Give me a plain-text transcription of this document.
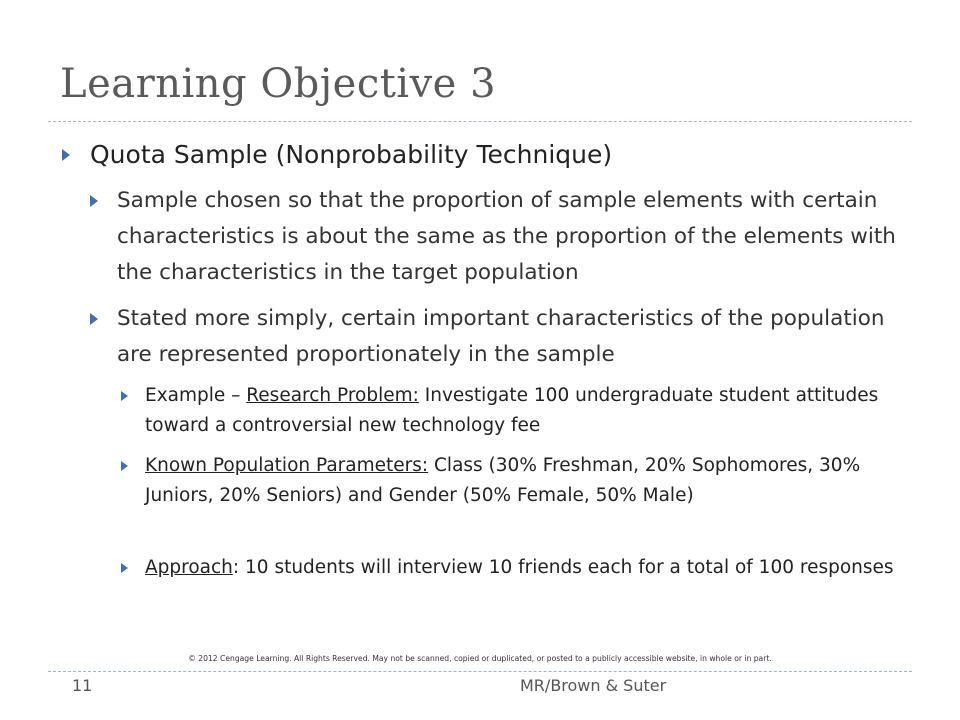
Learning Objective 3
Quota Sample (Nonprobability Technique)
Sample chosen so that the proportion of sample elements with certain characteristics is about the same as the proportion of the elements with the characteristics in the target population
Stated more simply, certain important characteristics of the population are represented proportionately in the sample
Example – Research Problem: Investigate 100 undergraduate student attitudes toward a controversial new technology fee
Known Population Parameters: Class (30% Freshman, 20% Sophomores, 30% Juniors, 20% Seniors) and Gender (50% Female, 50% Male)
Approach: 10 students will interview 10 friends each for a total of 100 responses
© 2012 Cengage Learning. All Rights Reserved. May not be scanned, copied or duplicated, or posted to a publicly accessible website, in whole or in part.
11	MR/Brown & Suter
